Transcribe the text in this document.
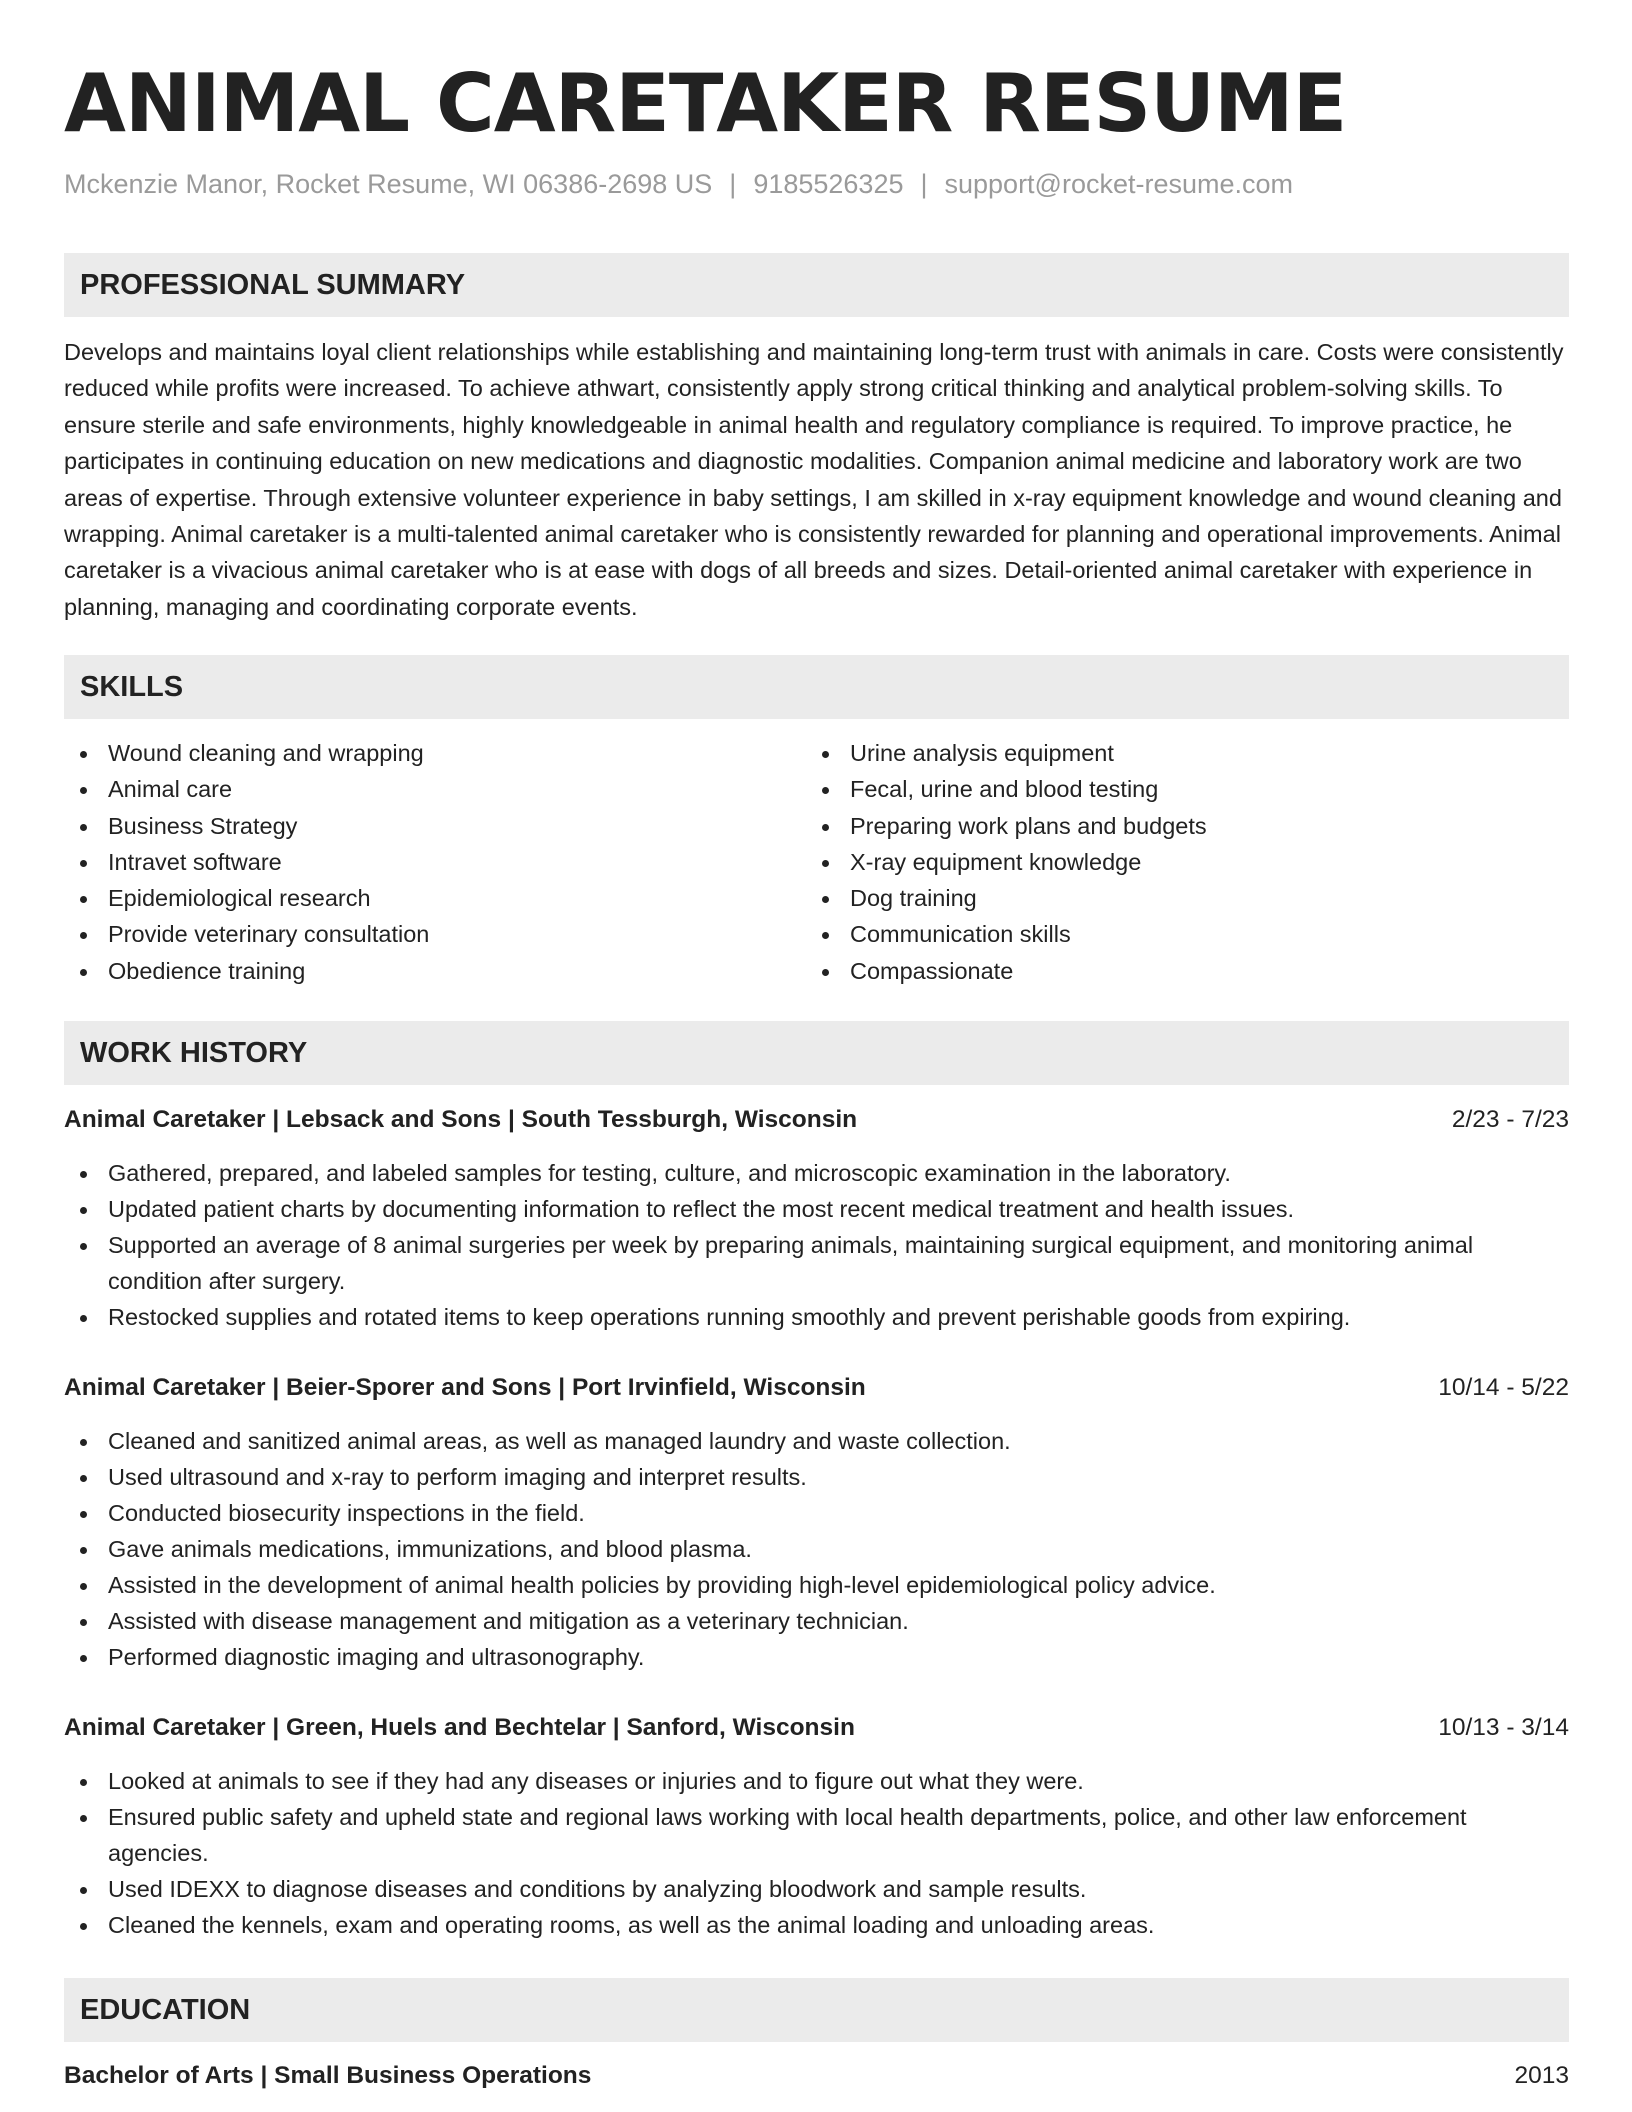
ANIMAL CARETAKER RESUME
Mckenzie Manor, Rocket Resume, WI 06386-2698 US | 9185526325 | support@rocket-resume.com
PROFESSIONAL SUMMARY

Develops and maintains loyal client relationships while establishing and maintaining long-term trust with animals in care. Costs were consistently reduced while profits were increased. To achieve athwart, consistently apply strong critical thinking and analytical problem-solving skills. To ensure sterile and safe environments, highly knowledgeable in animal health and regulatory compliance is required. To improve practice, he participates in continuing education on new medications and diagnostic modalities. Companion animal medicine and laboratory work are two areas of expertise. Through extensive volunteer experience in baby settings, I am skilled in x-ray equipment knowledge and wound cleaning and wrapping. Animal caretaker is a multi-talented animal caretaker who is consistently rewarded for planning and operational improvements. Animal caretaker is a vivacious animal caretaker who is at ease with dogs of all breeds and sizes. Detail-oriented animal caretaker with experience in planning, managing and coordinating corporate events.

SKILLS
Wound cleaning and wrapping
Animal care
Business Strategy
Intravet software
Epidemiological research
Provide veterinary consultation
Obedience training
Urine analysis equipment
Fecal, urine and blood testing
Preparing work plans and budgets
X-ray equipment knowledge
Dog training
Communication skills
Compassionate
WORK HISTORY
Animal Caretaker | Lebsack and Sons | South Tessburgh, Wisconsin	2/23 - 7/23
Gathered, prepared, and labeled samples for testing, culture, and microscopic examination in the laboratory.
Updated patient charts by documenting information to reflect the most recent medical treatment and health issues.
Supported an average of 8 animal surgeries per week by preparing animals, maintaining surgical equipment, and monitoring animal condition after surgery.
Restocked supplies and rotated items to keep operations running smoothly and prevent perishable goods from expiring.
Animal Caretaker | Beier-Sporer and Sons | Port Irvinfield, Wisconsin	10/14 - 5/22
Cleaned and sanitized animal areas, as well as managed laundry and waste collection.
Used ultrasound and x-ray to perform imaging and interpret results.
Conducted biosecurity inspections in the field.
Gave animals medications, immunizations, and blood plasma.
Assisted in the development of animal health policies by providing high-level epidemiological policy advice.
Assisted with disease management and mitigation as a veterinary technician.
Performed diagnostic imaging and ultrasonography.
Animal Caretaker | Green, Huels and Bechtelar | Sanford, Wisconsin	10/13 - 3/14
Looked at animals to see if they had any diseases or injuries and to figure out what they were.
Ensured public safety and upheld state and regional laws working with local health departments, police, and other law enforcement agencies.
Used IDEXX to diagnose diseases and conditions by analyzing bloodwork and sample results.
Cleaned the kennels, exam and operating rooms, as well as the animal loading and unloading areas.
EDUCATION
Bachelor of Arts | Small Business Operations	2013
